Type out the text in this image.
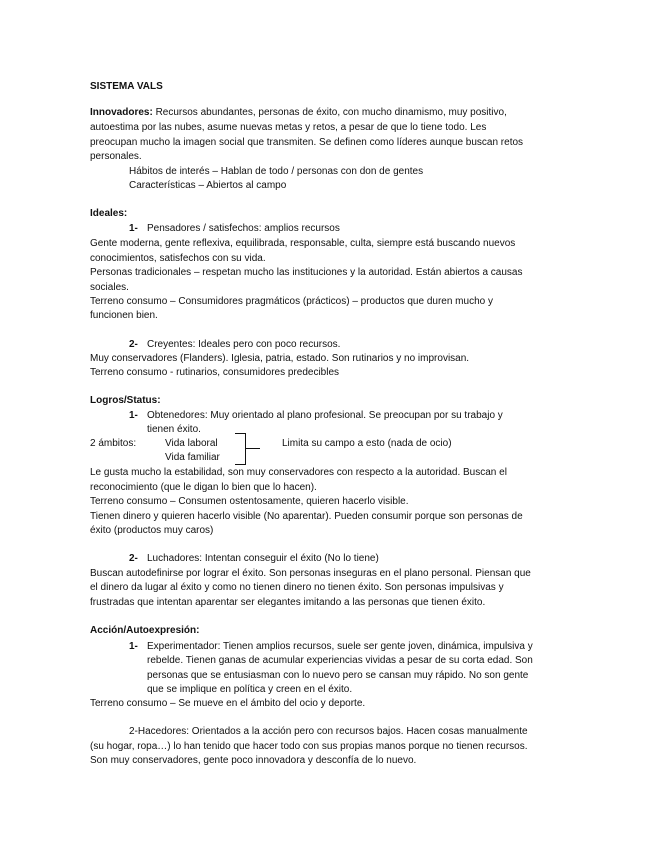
SISTEMA VALS
Innovadores: Recursos abundantes, personas de éxito, con mucho dinamismo, muy positivo,
autoestima por las nubes, asume nuevas metas y retos, a pesar de que lo tiene todo. Les
preocupan mucho la imagen social que transmiten. Se definen como líderes aunque buscan retos
personales.
Hábitos de interés – Hablan de todo / personas con don de gentes
Características – Abiertos al campo
Ideales:
1- Pensadores / satisfechos: amplios recursos
Gente moderna, gente reflexiva, equilibrada, responsable, culta, siempre está buscando nuevos
conocimientos, satisfechos con su vida.
Personas tradicionales – respetan mucho las instituciones y la autoridad. Están abiertos a causas
sociales.
Terreno consumo – Consumidores pragmáticos (prácticos) – productos que duren mucho y
funcionen bien.
2- Creyentes: Ideales pero con poco recursos.
Muy conservadores (Flanders). Iglesia, patria, estado. Son rutinarios y no improvisan.
Terreno consumo - rutinarios, consumidores predecibles
Logros/Status:
1- Obtenedores: Muy orientado al plano profesional. Se preocupan por su trabajo y
tienen éxito.
2 ámbitos:	Vida laboral
Vida familiar
Limita su campo a esto (nada de ocio)
Le gusta mucho la estabilidad, son muy conservadores con respecto a la autoridad. Buscan el
reconocimiento (que le digan lo bien que lo hacen).
Terreno consumo – Consumen ostentosamente, quieren hacerlo visible.
Tienen dinero y quieren hacerlo visible (No aparentar). Pueden consumir porque son personas de
éxito (productos muy caros)
2- Luchadores: Intentan conseguir el éxito (No lo tiene)
Buscan autodefinirse por lograr el éxito. Son personas inseguras en el plano personal. Piensan que
el dinero da lugar al éxito y como no tienen dinero no tienen éxito. Son personas impulsivas y
frustradas que intentan aparentar ser elegantes imitando a las personas que tienen éxito.
Acción/Autoexpresión:
1- Experimentador: Tienen amplios recursos, suele ser gente joven, dinámica, impulsiva y
rebelde. Tienen ganas de acumular experiencias vividas a pesar de su corta edad. Son
personas que se entusiasman con lo nuevo pero se cansan muy rápido. No son gente
que se implique en política y creen en el éxito.
Terreno consumo – Se mueve en el ámbito del ocio y deporte.
2-Hacedores: Orientados a la acción pero con recursos bajos. Hacen cosas manualmente
(su hogar, ropa…) lo han tenido que hacer todo con sus propias manos porque no tienen recursos.
Son muy conservadores, gente poco innovadora y desconfía de lo nuevo.
